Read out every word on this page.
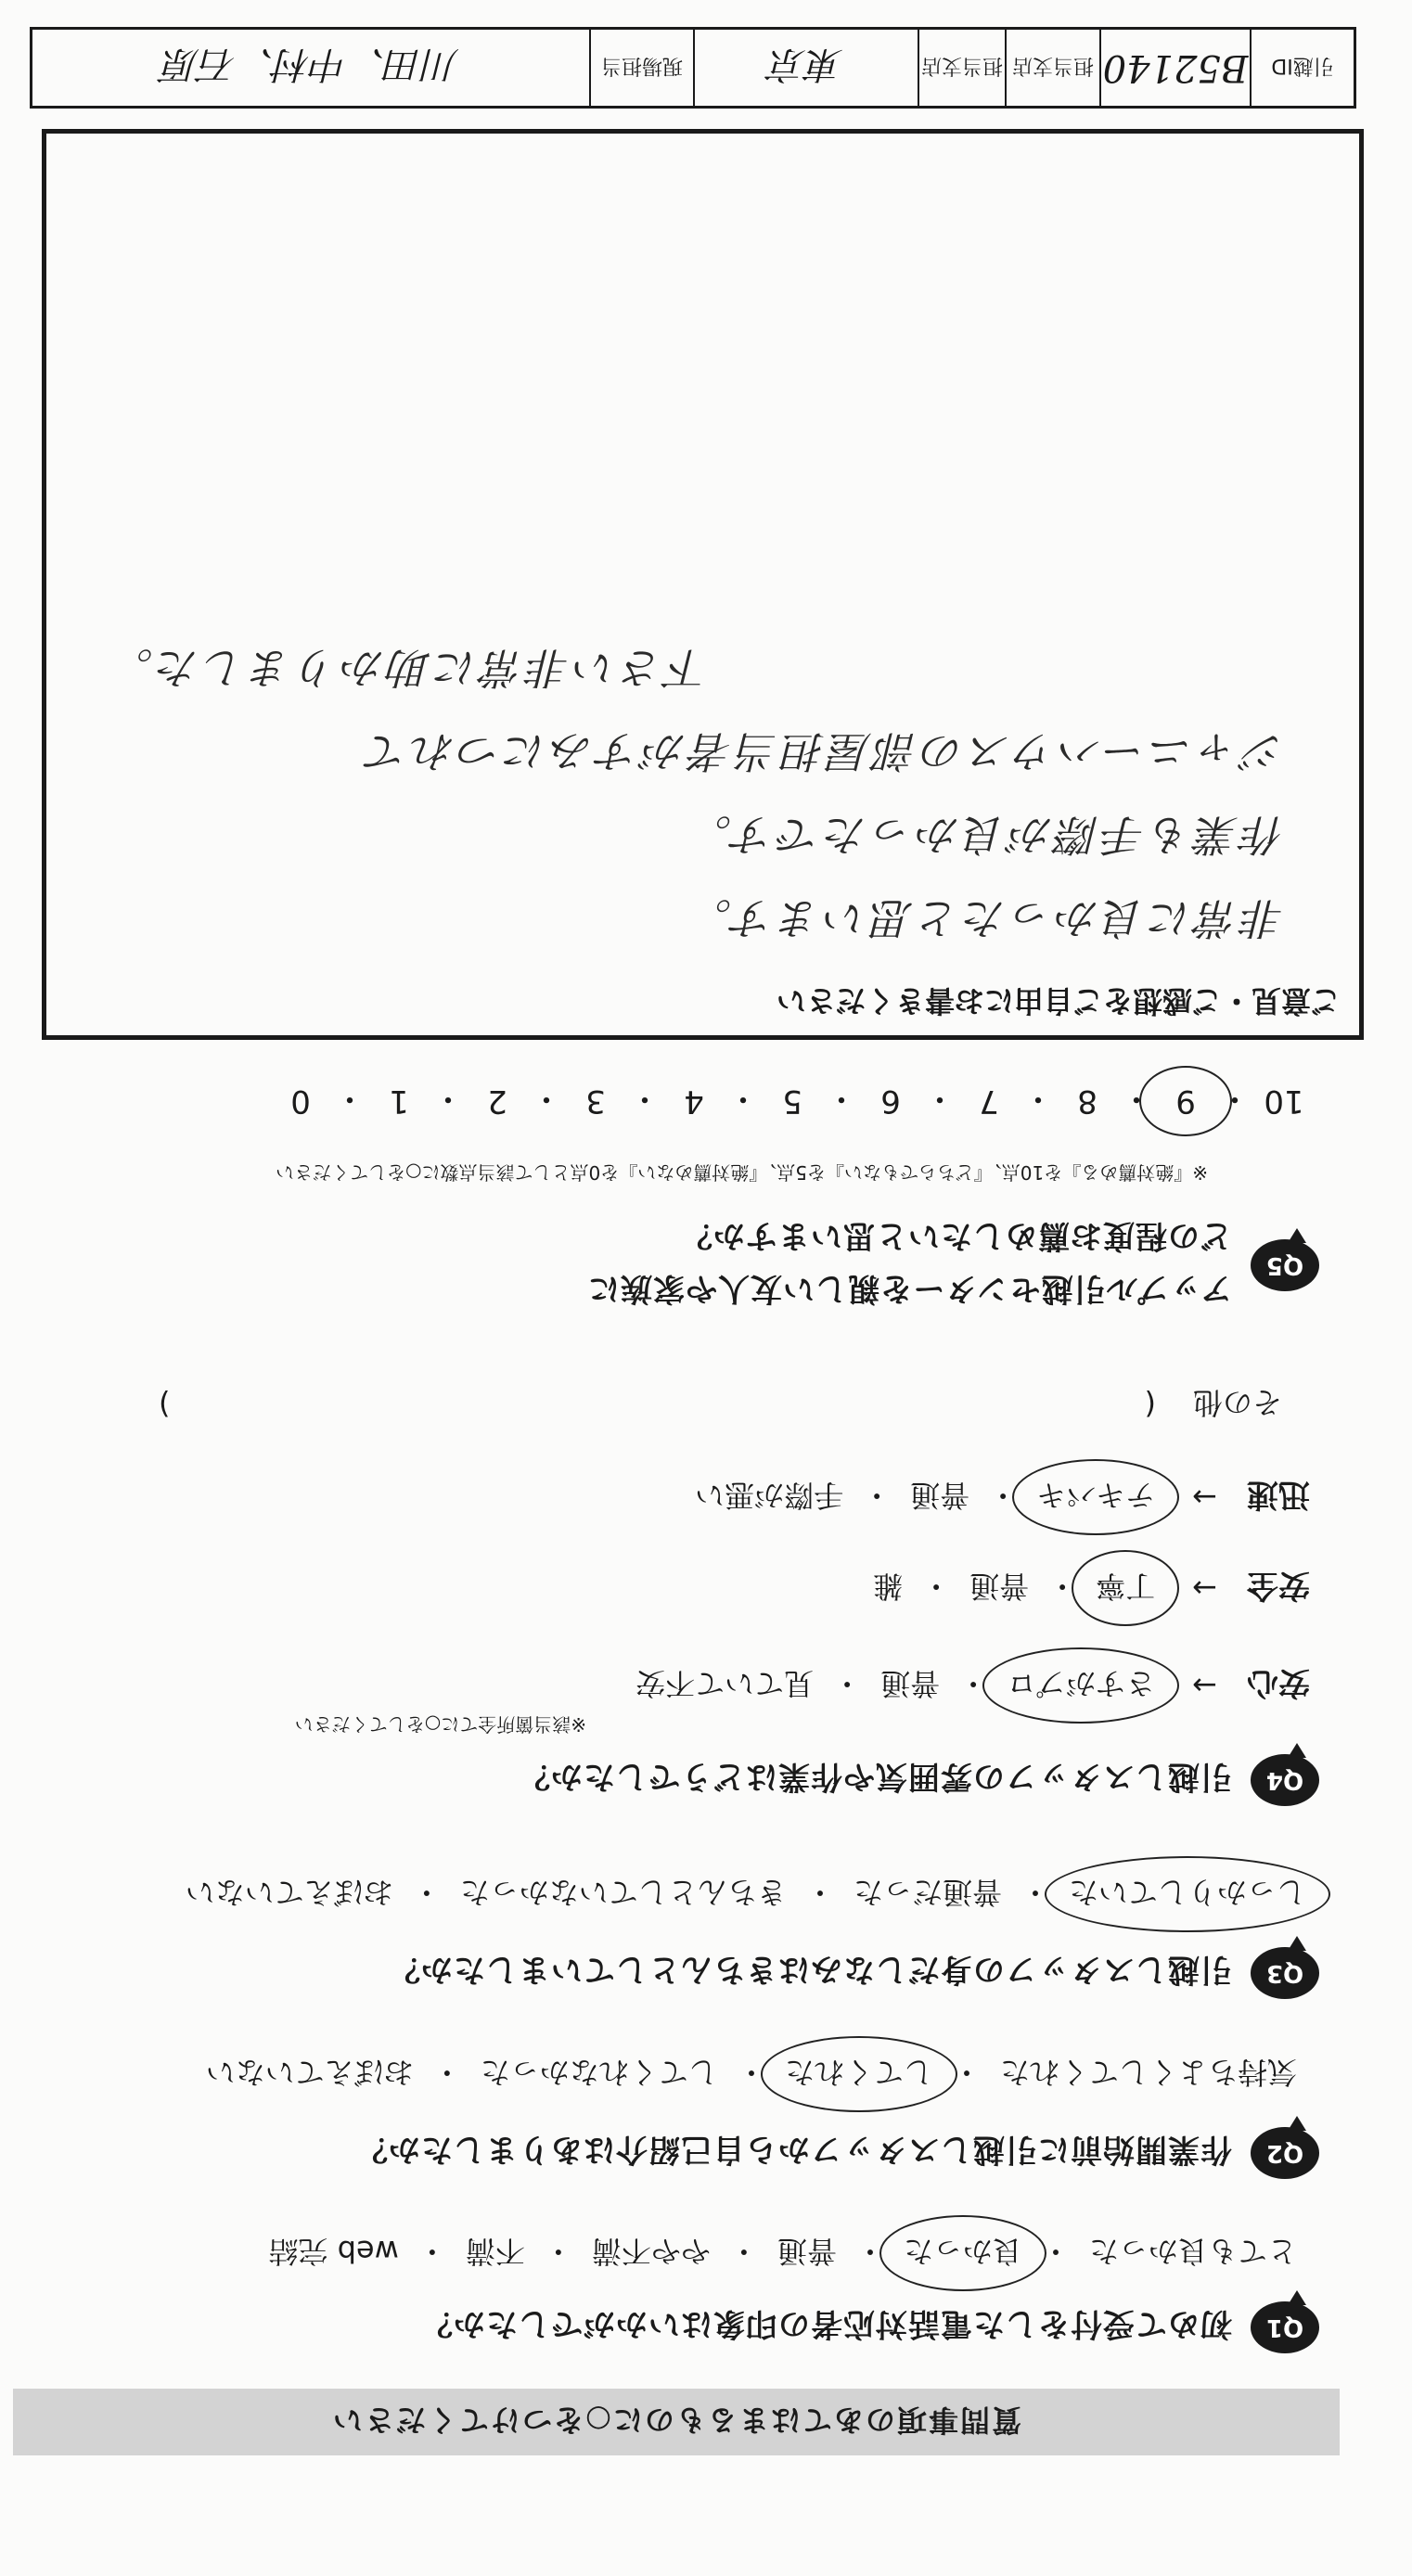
質問事項のあてはまるものに○をつけてください
Q1
初めて受付をした電話対応者の印象はいかがでしたか？
とても良かった
・
良かった
・
普通
・
やや不満
・
不満
・
web 完結
Q2
作業開始前に引越しスタッフから自己紹介はありましたか？
気持ちよくしてくれた
・
してくれた
・
してくれなかった
・
おぼえていない
Q3
引越しスタッフの身だしなみはきちんとしていましたか？
しっかりしていた
・
普通だった
・
きちんとしていなかった
・
おぼえていない
Q4
引越しスタッフの雰囲気や作業はどうでしたか？
※該当箇所全てに○をしてください
安心
→
さすがプロ
・
普通
・
見ていて不安
安全
→
丁寧
・
普通
・
雑
迅速
→
テキパキ
・
普通
・
手際が悪い
その他
(
)
Q5
アップル引越センターを親しい友人や家族に
どの程度お薦めしたいと思いますか？
※『絶対薦める』を10点、『どちらでもない』を5点、『絶対薦めない』を0点として該当点数に○をしてください
10
・
9
・
8
・
7
・
6
・
5
・
4
・
3
・
2
・
1
・
0
ご意見・ご感想をご自由にお書きください
非常に良かったと思います。
作業も手際が良かったです。
ジャニーハウスの部屋担当者がすみにつれて
下さい非常に助かりました。
引越ID
B52140
担当支店
担当支店
東京
現場担当
川田、中村、石原
